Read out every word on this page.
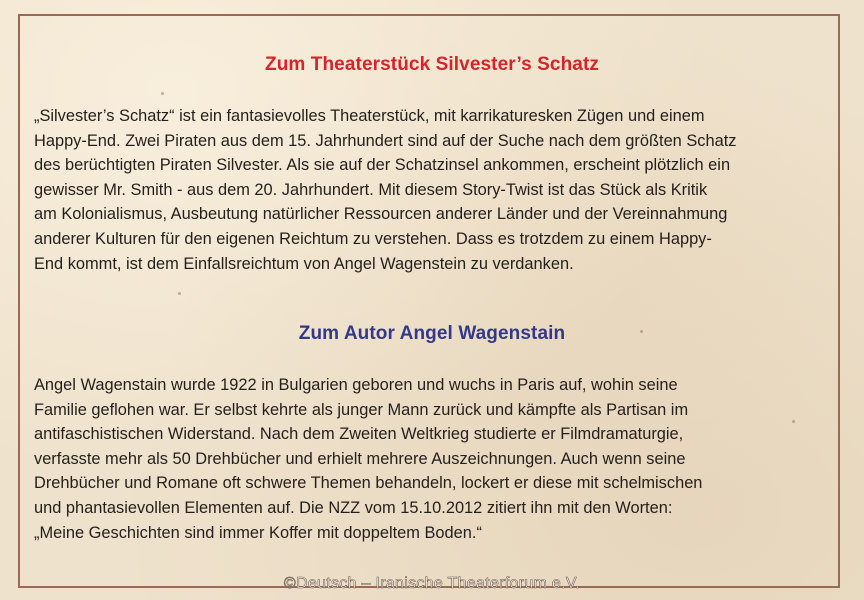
Zum Theaterstück Silvester’s Schatz

„Silvester’s Schatz“ ist ein fantasievolles Theaterstück, mit karrikaturesken Zügen und einem
Happy-End. Zwei Piraten aus dem 15. Jahrhundert sind auf der Suche nach dem größten Schatz
des berüchtigten Piraten Silvester. Als sie auf der Schatzinsel ankommen, erscheint plötzlich ein
gewisser Mr. Smith - aus dem 20. Jahrhundert. Mit diesem Story-Twist ist das Stück als Kritik
am Kolonialismus, Ausbeutung natürlicher Ressourcen anderer Länder und der Vereinnahmung
anderer Kulturen für den eigenen Reichtum zu verstehen. Dass es trotzdem zu einem Happy-
End kommt, ist dem Einfallsreichtum von Angel Wagenstein zu verdanken.

Zum Autor Angel Wagenstain

Angel Wagenstain wurde 1922 in Bulgarien geboren und wuchs in Paris auf, wohin seine
Familie geflohen war. Er selbst kehrte als junger Mann zurück und kämpfte als Partisan im
antifaschistischen Widerstand. Nach dem Zweiten Weltkrieg studierte er Filmdramaturgie,
verfasste mehr als 50 Drehbücher und erhielt mehrere Auszeichnungen. Auch wenn seine
Drehbücher und Romane oft schwere Themen behandeln, lockert er diese mit schelmischen
und phantasievollen Elementen auf. Die NZZ vom 15.10.2012 zitiert ihn mit den Worten:
„Meine Geschichten sind immer Koffer mit doppeltem Boden.“

©Deutsch – Iranische Theaterforum e.V.
